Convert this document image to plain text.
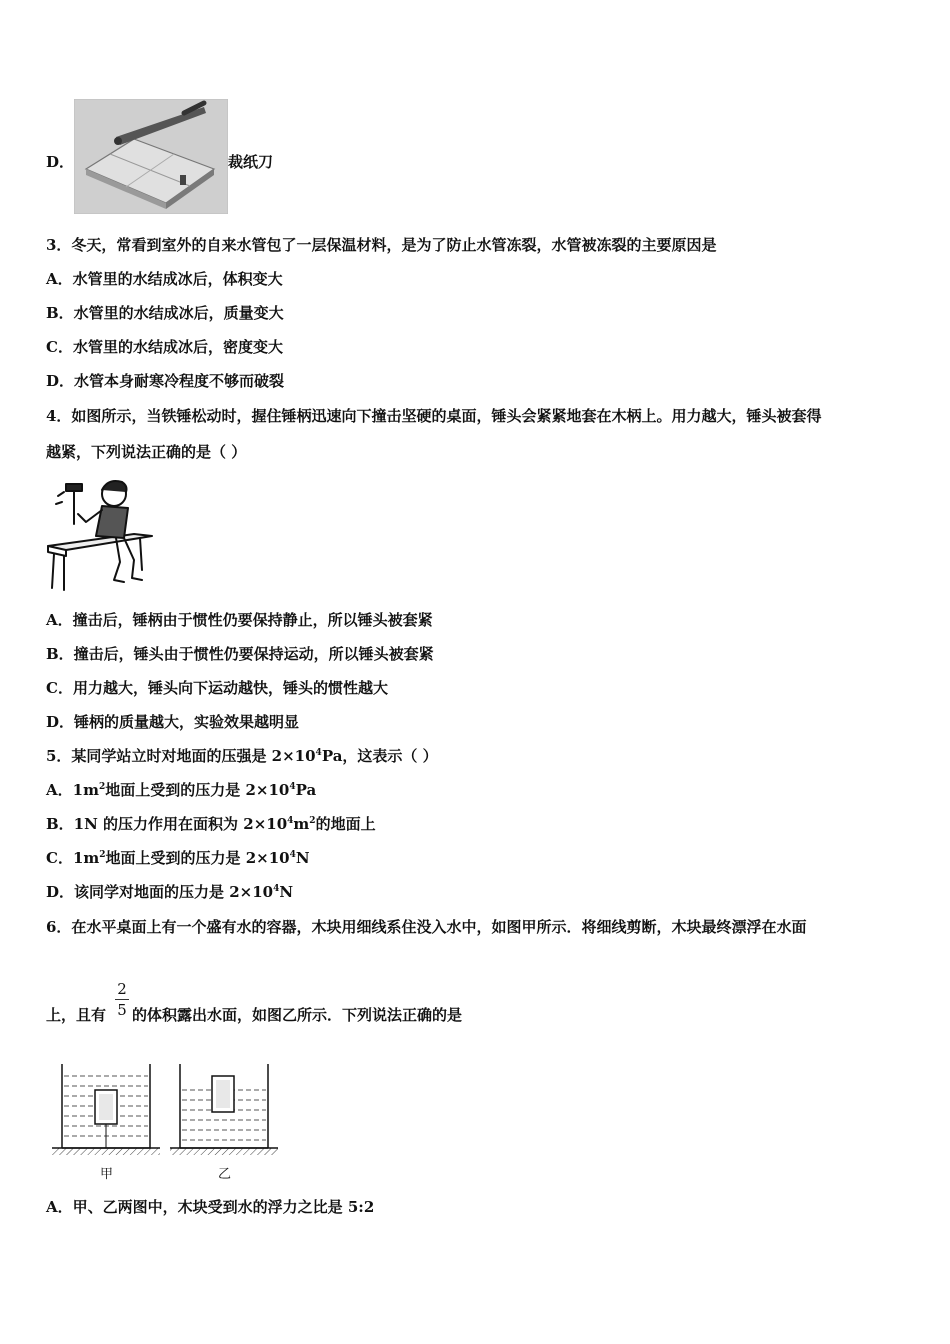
D．	裁纸刀
3．冬天，常看到室外的自来水管包了一层保温材料，是为了防止水管冻裂，水管被冻裂的主要原因是
A．水管里的水结成冰后，体积变大
B．水管里的水结成冰后，质量变大
C．水管里的水结成冰后，密度变大
D．水管本身耐寒冷程度不够而破裂
4．如图所示，当铁锤松动时，握住锤柄迅速向下撞击坚硬的桌面，锤头会紧紧地套在木柄上。用力越大，锤头被套得
越紧，下列说法正确的是（ ）
A．撞击后，锤柄由于惯性仍要保持静止，所以锤头被套紧
B．撞击后，锤头由于惯性仍要保持运动，所以锤头被套紧
C．用力越大，锤头向下运动越快，锤头的惯性越大
D．锤柄的质量越大，实验效果越明显
5．某同学站立时对地面的压强是 $2\times 10^4Pa$，这表示（ ）
A．$1m^2$地面上受到的压力是 $2\times 10^4Pa$
B．1N 的压力作用在面积为 $2\times 10^4m^2$的地面上
C．$1m^2$地面上受到的压力是 $2\times 10^4N$
D．该同学对地面的压力是 $2\times 10^4N$
6．在水平桌面上有一个盛有水的容器，木块用细线系住没入水中，如图甲所示．将细线剪断，木块最终漂浮在水面
2
5
上，且有 的体积露出水面，如图乙所示．下列说法正确的是
甲	乙
A．甲、乙两图中，木块受到水的浮力之比是 5:2
